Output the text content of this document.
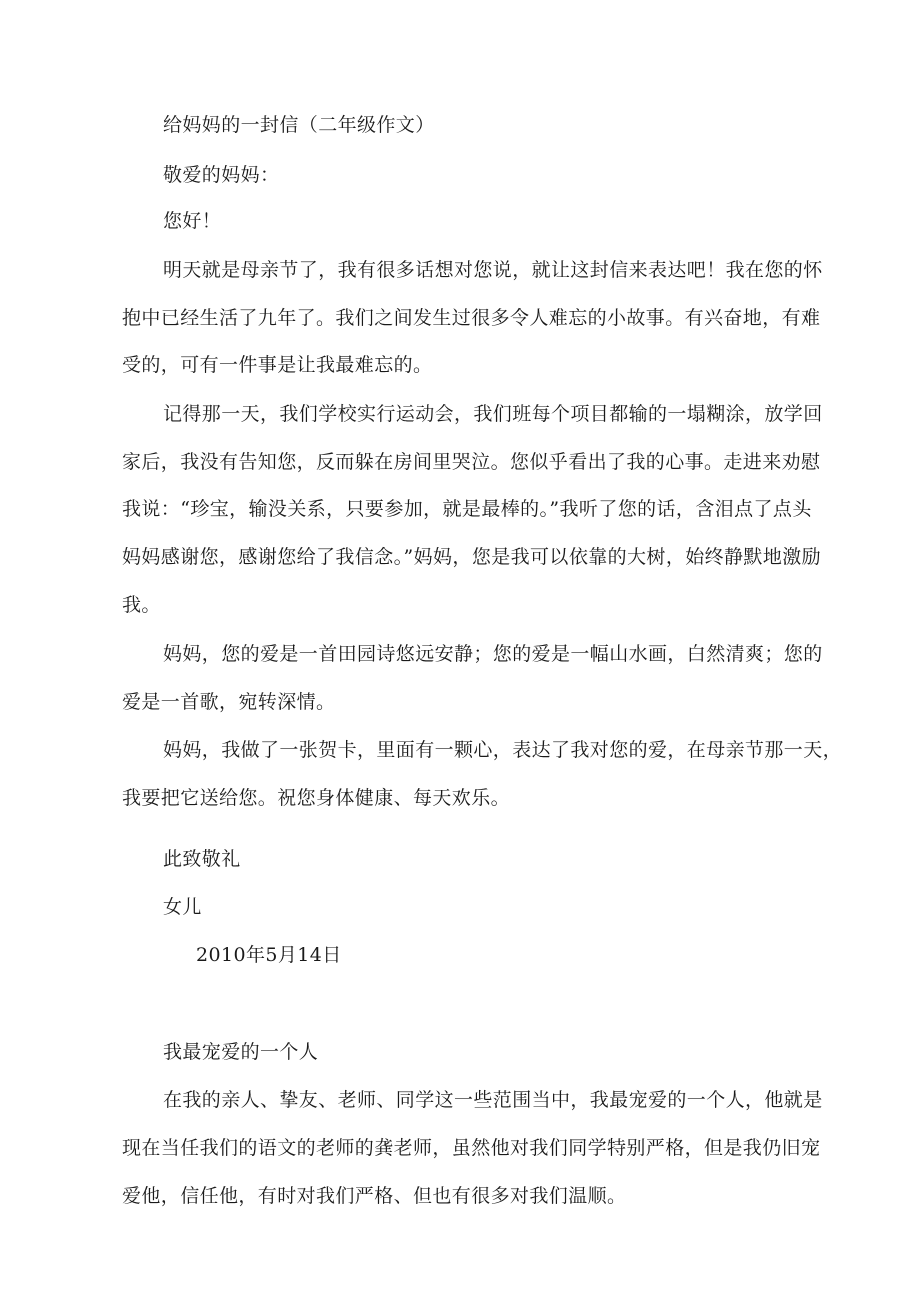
给妈妈的一封信（二年级作文）
敬爱的妈妈：
您好！
明天就是母亲节了，我有很多话想对您说，就让这封信来表达吧！我在您的怀
抱中已经生活了九年了。我们之间发生过很多令人难忘的小故事。有兴奋地，有难
受的，可有一件事是让我最难忘的。
记得那一天，我们学校实行运动会，我们班每个项目都输的一塌糊涂，放学回
家后，我没有告知您，反而躲在房间里哭泣。您似乎看出了我的心事。走进来劝慰
我说：“珍宝，输没关系，只要参加，就是最棒的。”我听了您的话，含泪点了点头
妈妈感谢您，感谢您给了我信念。”妈妈，您是我可以依靠的大树，始终静默地激励
我。
妈妈，您的爱是一首田园诗悠远安静；您的爱是一幅山水画，白然清爽；您的
爱是一首歌，宛转深情。
妈妈，我做了一张贺卡，里面有一颗心，表达了我对您的爱，在母亲节那一天，
我要把它送给您。祝您身体健康、每天欢乐。
此致敬礼
女儿
2010年5月14日
我最宠爱的一个人
在我的亲人、挚友、老师、同学这一些范围当中，我最宠爱的一个人，他就是
现在当任我们的语文的老师的龚老师，虽然他对我们同学特别严格，但是我仍旧宠
爱他，信任他，有时对我们严格、但也有很多对我们温顺。
